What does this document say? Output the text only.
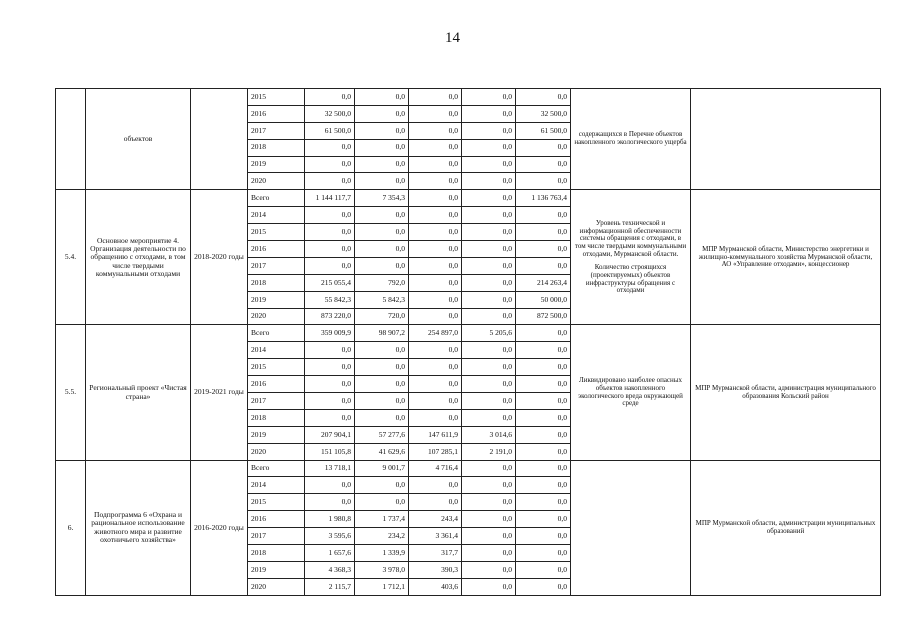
14
	объектов		2015	0,0	0,0	0,0	0,0	0,0	содержащихся в Перечне объектов накопленного экологического ущерба	

			2016	32 500,0	0,0	0,0	0,0	32 500,0		
			2017	61 500,0	0,0	0,0	0,0	61 500,0		
			2018	0,0	0,0	0,0	0,0	0,0		
			2019	0,0	0,0	0,0	0,0	0,0		
			2020	0,0	0,0	0,0	0,0	0,0		
5.4.	Основное мероприятие 4. Организация деятельности по обращению с отходами, в том числе твердыми коммунальными отходами	2018-2020 годы	Всего	1 144 117,7	7 354,3	0,0	0,0	1 136 763,4	Уровень технической и информационной обеспеченности системы обращения с отходами, в том числе твердыми коммунальными отходами, Мурманской области.
Количество строящихся (проектируемых) объектов инфраструктуры обращения с отходами	МПР Мурманской области, Министерство энергетики и жилищно-коммунального хозяйства Мурманской области, АО «Управление отходами», концессионер
			2014	0,0	0,0	0,0	0,0	0,0		
			2015	0,0	0,0	0,0	0,0	0,0		
			2016	0,0	0,0	0,0	0,0	0,0		
			2017	0,0	0,0	0,0	0,0	0,0		
			2018	215 055,4	792,0	0,0	0,0	214 263,4		
			2019	55 842,3	5 842,3	0,0	0,0	50 000,0		
			2020	873 220,0	720,0	0,0	0,0	872 500,0		
5.5.	Региональный проект «Чистая страна»	2019-2021 годы	Всего	359 009,9	98 907,2	254 897,0	5 205,6	0,0	Ликвидировано наиболее опасных объектов накопленного экологического вреда окружающей среде	МПР Мурманской области, администрация муниципального образования Кольский район
			2014	0,0	0,0	0,0	0,0	0,0		
			2015	0,0	0,0	0,0	0,0	0,0		
			2016	0,0	0,0	0,0	0,0	0,0		
			2017	0,0	0,0	0,0	0,0	0,0		
			2018	0,0	0,0	0,0	0,0	0,0		
			2019	207 904,1	57 277,6	147 611,9	3 014,6	0,0		
			2020	151 105,8	41 629,6	107 285,1	2 191,0	0,0		
6.	Подпрограмма 6 «Охрана и рациональное использование животного мира и развитие охотничьего хозяйства»	2016-2020 годы	Всего	13 718,1	9 001,7	4 716,4	0,0	0,0		МПР Мурманской области, администрации муниципальных образований
			2014	0,0	0,0	0,0	0,0	0,0		
			2015	0,0	0,0	0,0	0,0	0,0		
			2016	1 980,8	1 737,4	243,4	0,0	0,0		
			2017	3 595,6	234,2	3 361,4	0,0	0,0		
			2018	1 657,6	1 339,9	317,7	0,0	0,0		
			2019	4 368,3	3 978,0	390,3	0,0	0,0		
			2020	2 115,7	1 712,1	403,6	0,0	0,0		
